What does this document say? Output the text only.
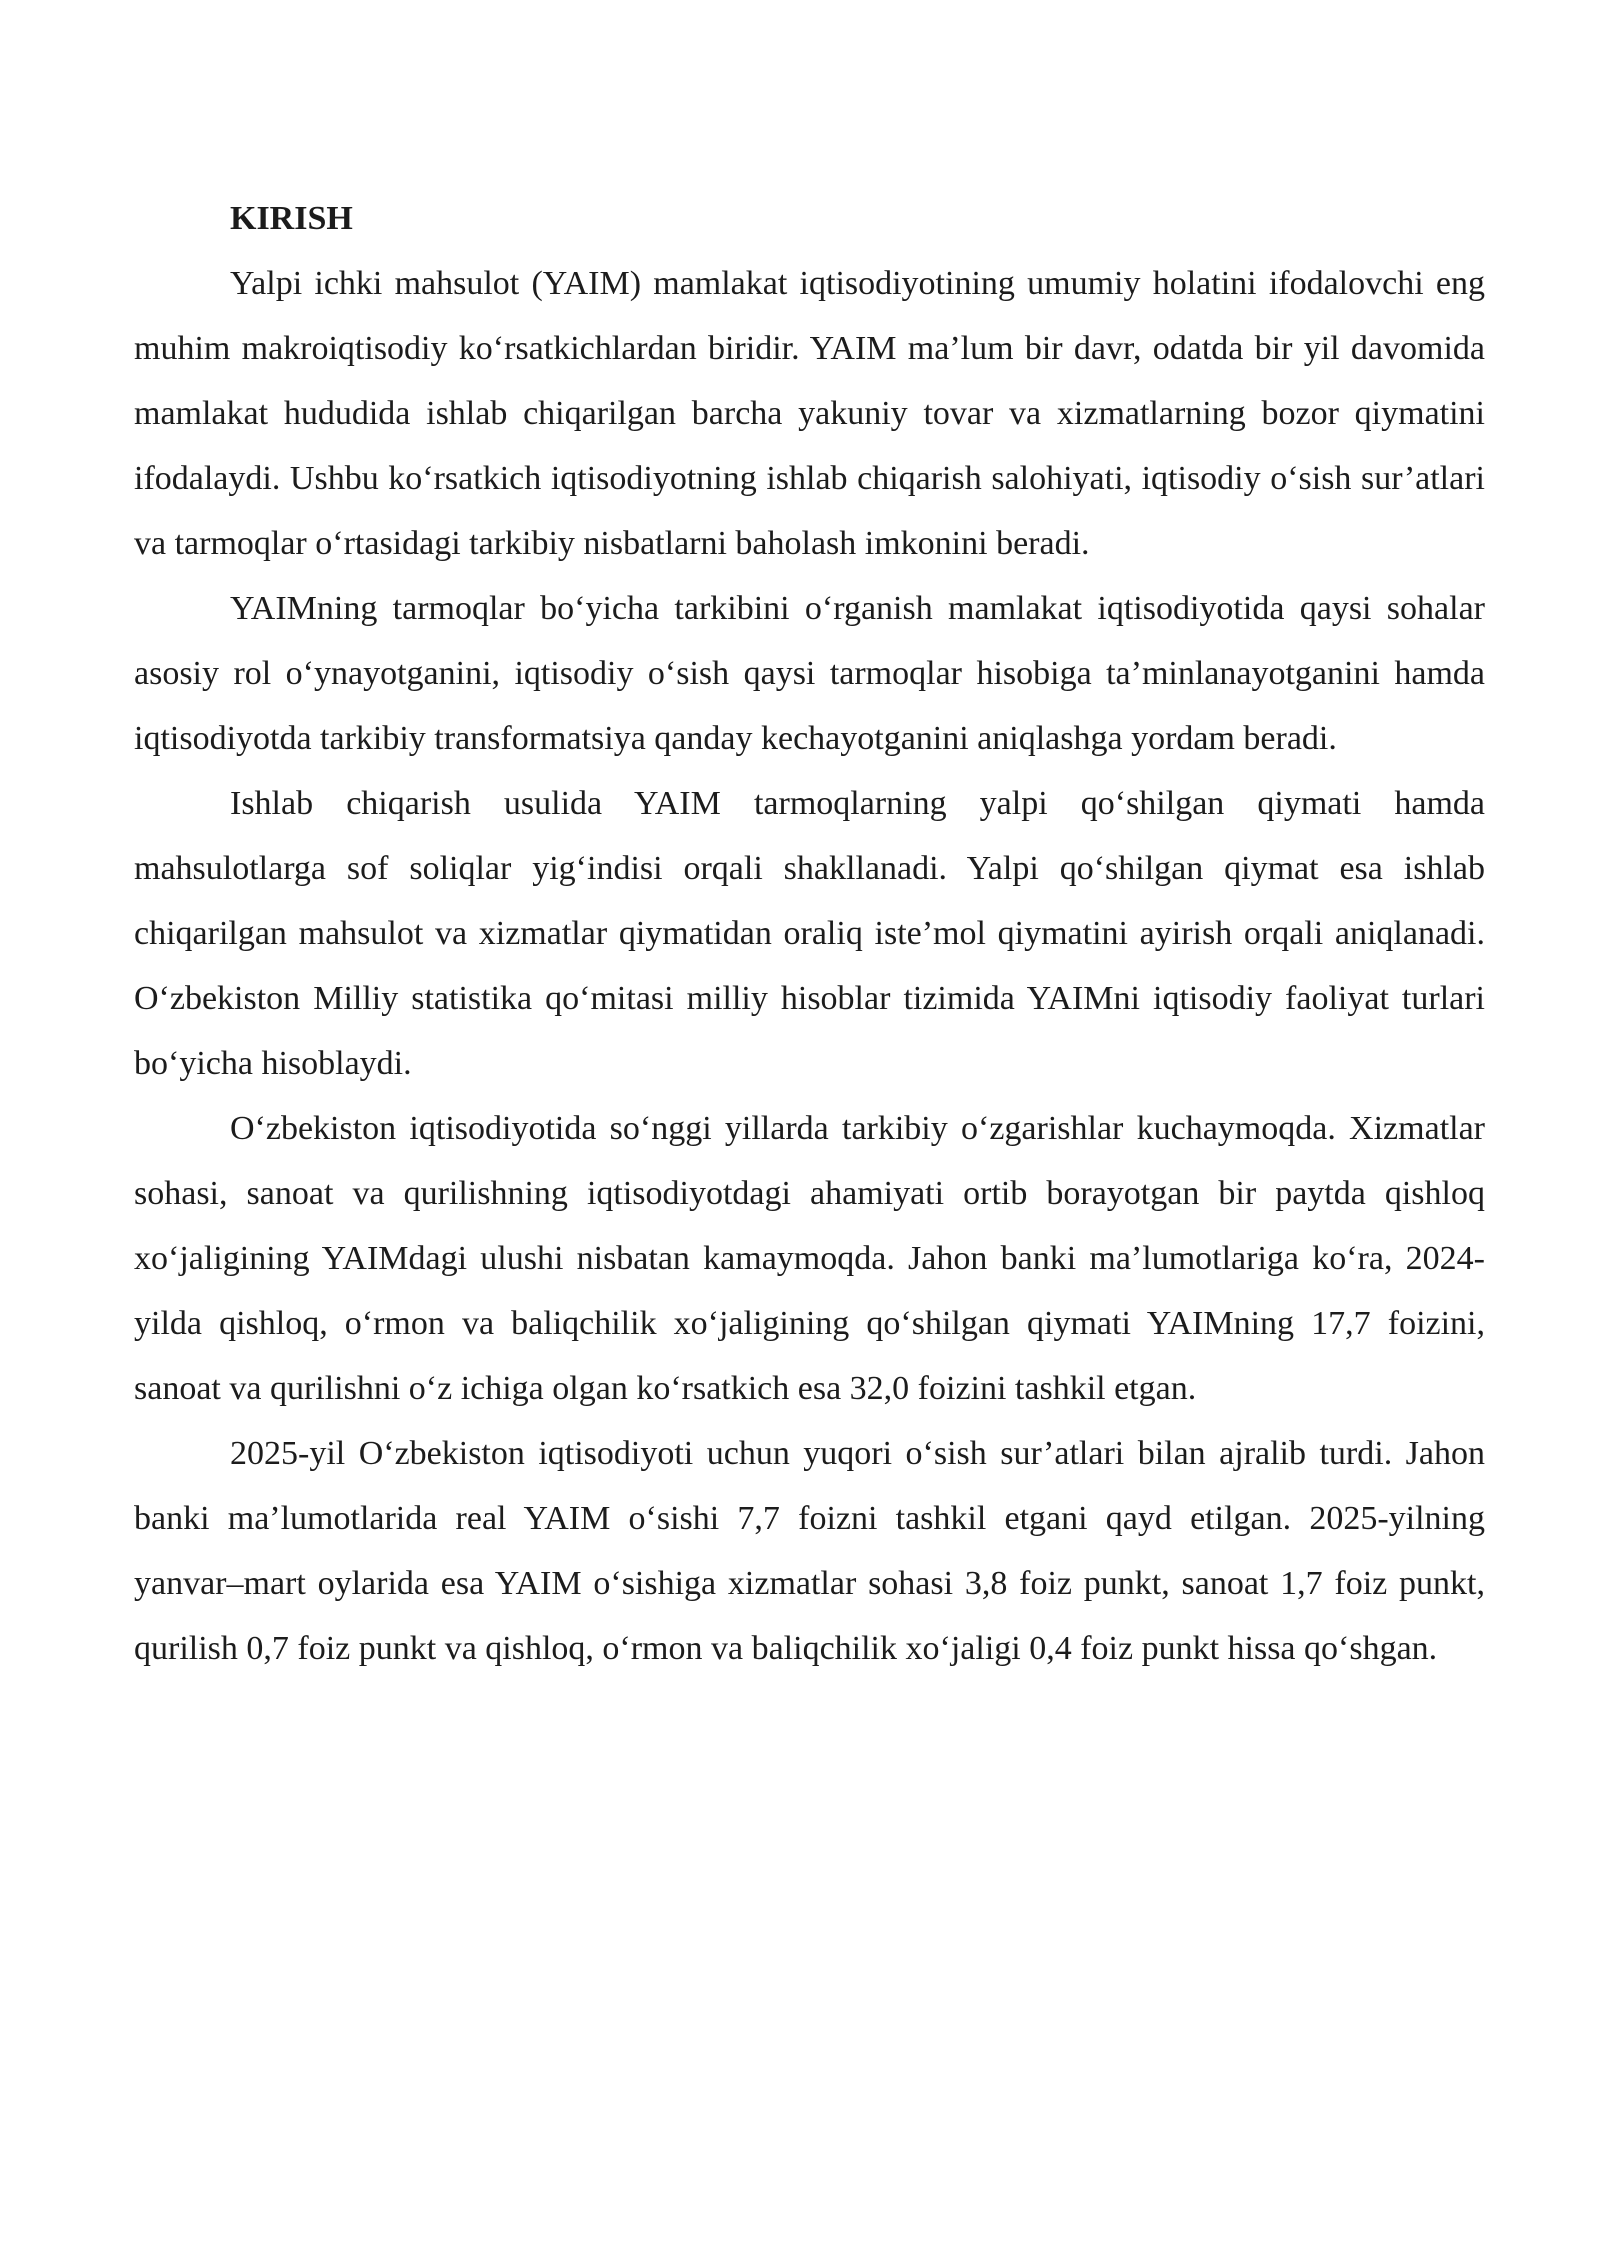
KIRISH

Yalpi ichki mahsulot (YAIM) mamlakat iqtisodiyotining umumiy holatini ifodalovchi eng muhim makroiqtisodiy ko‘rsatkichlardan biridir. YAIM ma’lum bir davr, odatda bir yil davomida mamlakat hududida ishlab chiqarilgan barcha yakuniy tovar va xizmatlarning bozor qiymatini ifodalaydi. Ushbu ko‘rsatkich iqtisodiyotning ishlab chiqarish salohiyati, iqtisodiy o‘sish sur’atlari va tarmoqlar o‘rtasidagi tarkibiy nisbatlarni baholash imkonini beradi.

YAIMning tarmoqlar bo‘yicha tarkibini o‘rganish mamlakat iqtisodiyotida qaysi sohalar asosiy rol o‘ynayotganini, iqtisodiy o‘sish qaysi tarmoqlar hisobiga ta’minlanayotganini hamda iqtisodiyotda tarkibiy transformatsiya qanday kechayotganini aniqlashga yordam beradi.

Ishlab chiqarish usulida YAIM tarmoqlarning yalpi qo‘shilgan qiymati hamda mahsulotlarga sof soliqlar yig‘indisi orqali shakllanadi. Yalpi qo‘shilgan qiymat esa ishlab chiqarilgan mahsulot va xizmatlar qiymatidan oraliq iste’mol qiymatini ayirish orqali aniqlanadi. O‘zbekiston Milliy statistika qo‘mitasi milliy hisoblar tizimida YAIMni iqtisodiy faoliyat turlari bo‘yicha hisoblaydi.

O‘zbekiston iqtisodiyotida so‘nggi yillarda tarkibiy o‘zgarishlar kuchaymoqda. Xizmatlar sohasi, sanoat va qurilishning iqtisodiyotdagi ahamiyati ortib borayotgan bir paytda qishloq xo‘jaligining YAIMdagi ulushi nisbatan kamaymoqda. Jahon banki ma’lumotlariga ko‘ra, 2024-yilda qishloq, o‘rmon va baliqchilik xo‘jaligining qo‘shilgan qiymati YAIMning 17,7 foizini, sanoat va qurilishni o‘z ichiga olgan ko‘rsatkich esa 32,0 foizini tashkil etgan.

2025-yil O‘zbekiston iqtisodiyoti uchun yuqori o‘sish sur’atlari bilan ajralib turdi. Jahon banki ma’lumotlarida real YAIM o‘sishi 7,7 foizni tashkil etgani qayd etilgan. 2025-yilning yanvar–mart oylarida esa YAIM o‘sishiga xizmatlar sohasi 3,8 foiz punkt, sanoat 1,7 foiz punkt, qurilish 0,7 foiz punkt va qishloq, o‘rmon va baliqchilik xo‘jaligi 0,4 foiz punkt hissa qo‘shgan.
